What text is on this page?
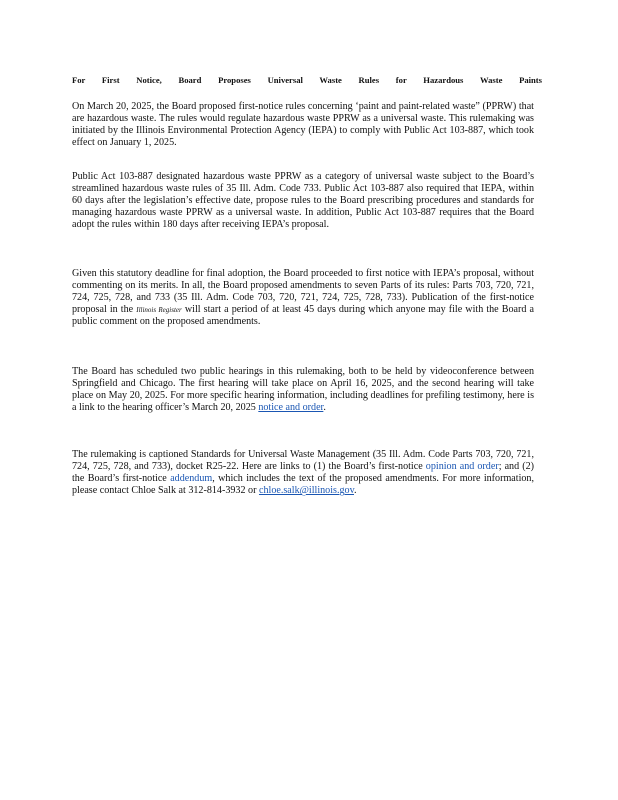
For First Notice, Board Proposes Universal Waste Rules for Hazardous Waste Paints
On March 20, 2025, the Board proposed first-notice rules concerning ‘paint and paint-related waste” (PPRW) that are hazardous waste. The rules would regulate hazardous waste PPRW as a universal waste. This rulemaking was initiated by the Illinois Environmental Protection Agency (IEPA) to comply with Public Act 103-887, which took effect on January 1, 2025.
Public Act 103-887 designated hazardous waste PPRW as a category of universal waste subject to the Board’s streamlined hazardous waste rules of 35 Ill. Adm. Code 733. Public Act 103-887 also required that IEPA, within 60 days after the legislation’s effective date, propose rules to the Board prescribing procedures and standards for managing hazardous waste PPRW as a universal waste. In addition, Public Act 103-887 requires that the Board adopt the rules within 180 days after receiving IEPA’s proposal.
Given this statutory deadline for final adoption, the Board proceeded to first notice with IEPA’s proposal, without commenting on its merits. In all, the Board proposed amendments to seven Parts of its rules: Parts 703, 720, 721, 724, 725, 728, and 733 (35 Ill. Adm. Code 703, 720, 721, 724, 725, 728, 733). Publication of the first-notice proposal in the Illinois Register will start a period of at least 45 days during which anyone may file with the Board a public comment on the proposed amendments.
The Board has scheduled two public hearings in this rulemaking, both to be held by videoconference between Springfield and Chicago. The first hearing will take place on April 16, 2025, and the second hearing will take place on May 20, 2025. For more specific hearing information, including deadlines for prefiling testimony, here is a link to the hearing officer’s March 20, 2025 notice and order.
The rulemaking is captioned Standards for Universal Waste Management (35 Ill. Adm. Code Parts 703, 720, 721, 724, 725, 728, and 733), docket R25-22. Here are links to (1) the Board’s first-notice opinion and order; and (2) the Board’s first-notice addendum, which includes the text of the proposed amendments. For more information, please contact Chloe Salk at 312-814-3932 or chloe.salk@illinois.gov.
